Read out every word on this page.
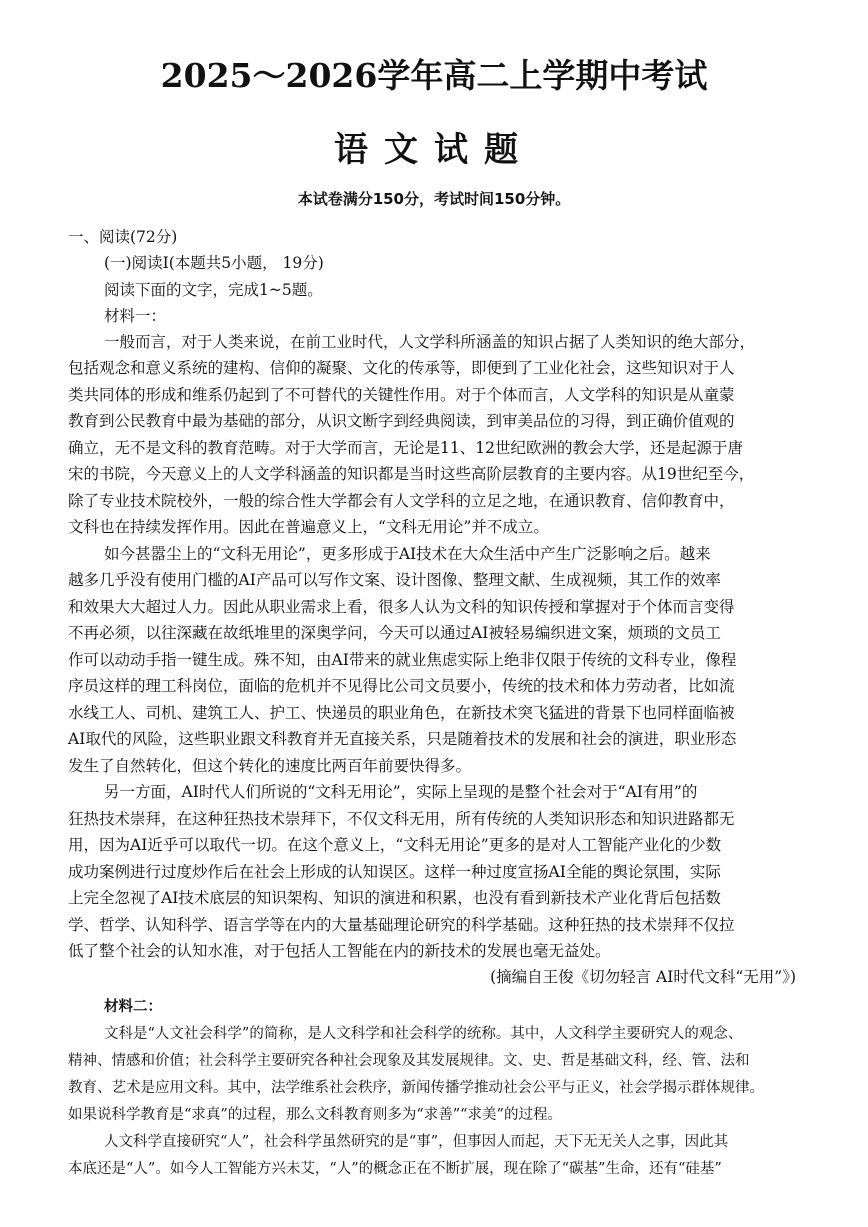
2025～2026学年高二上学期中考试
语文试题
本试卷满分150分，考试时间150分钟。
一、阅读(72分)
(一)阅读Ⅰ(本题共5小题， 19分)
阅读下面的文字，完成1~5题。
材料一：
一般而言，对于人类来说，在前工业时代，人文学科所涵盖的知识占据了人类知识的绝大部分，
包括观念和意义系统的建构、信仰的凝聚、文化的传承等，即便到了工业化社会，这些知识对于人
类共同体的形成和维系仍起到了不可替代的关键性作用。对于个体而言，人文学科的知识是从童蒙
教育到公民教育中最为基础的部分，从识文断字到经典阅读，到审美品位的习得，到正确价值观的
确立，无不是文科的教育范畴。对于大学而言，无论是11、12世纪欧洲的教会大学，还是起源于唐
宋的书院，今天意义上的人文学科涵盖的知识都是当时这些高阶层教育的主要内容。从19世纪至今，
除了专业技术院校外，一般的综合性大学都会有人文学科的立足之地，在通识教育、信仰教育中，
文科也在持续发挥作用。因此在普遍意义上，“文科无用论”并不成立。
如今甚嚣尘上的“文科无用论”，更多形成于AI技术在大众生活中产生广泛影响之后。越来
越多几乎没有使用门槛的AI产品可以写作文案、设计图像、整理文献、生成视频，其工作的效率
和效果大大超过人力。因此从职业需求上看，很多人认为文科的知识传授和掌握对于个体而言变得
不再必须，以往深藏在故纸堆里的深奥学问，今天可以通过AI被轻易编织进文案，烦琐的文员工
作可以动动手指一键生成。殊不知，由AI带来的就业焦虑实际上绝非仅限于传统的文科专业，像程
序员这样的理工科岗位，面临的危机并不见得比公司文员要小，传统的技术和体力劳动者，比如流
水线工人、司机、建筑工人、护工、快递员的职业角色，在新技术突飞猛进的背景下也同样面临被
AI取代的风险，这些职业跟文科教育并无直接关系，只是随着技术的发展和社会的演进，职业形态
发生了自然转化，但这个转化的速度比两百年前要快得多。
另一方面，AI时代人们所说的“文科无用论”，实际上呈现的是整个社会对于“AI有用”的
狂热技术崇拜，在这种狂热技术崇拜下，不仅文科无用，所有传统的人类知识形态和知识进路都无
用，因为AI近乎可以取代一切。在这个意义上，“文科无用论”更多的是对人工智能产业化的少数
成功案例进行过度炒作后在社会上形成的认知误区。这样一种过度宣扬AI全能的舆论氛围，实际
上完全忽视了AI技术底层的知识架构、知识的演进和积累，也没有看到新技术产业化背后包括数
学、哲学、认知科学、语言学等在内的大量基础理论研究的科学基础。这种狂热的技术崇拜不仅拉
低了整个社会的认知水准，对于包括人工智能在内的新技术的发展也毫无益处。
(摘编自王俊《切勿轻言 AI时代文科“无用”》)
材料二：
文科是“人文社会科学”的简称，是人文科学和社会科学的统称。其中，人文科学主要研究人的观念、
精神、情感和价值；社会科学主要研究各种社会现象及其发展规律。文、史、哲是基础文科，经、管、法和
教育、艺术是应用文科。其中，法学维系社会秩序，新闻传播学推动社会公平与正义，社会学揭示群体规律。
如果说科学教育是“求真”的过程，那么文科教育则多为“求善”“求美”的过程。
人文科学直接研究“人”，社会科学虽然研究的是“事”，但事因人而起，天下无无关人之事，因此其
本底还是“人”。如今人工智能方兴未艾，“人”的概念正在不断扩展，现在除了“碳基”生命，还有“硅基”
